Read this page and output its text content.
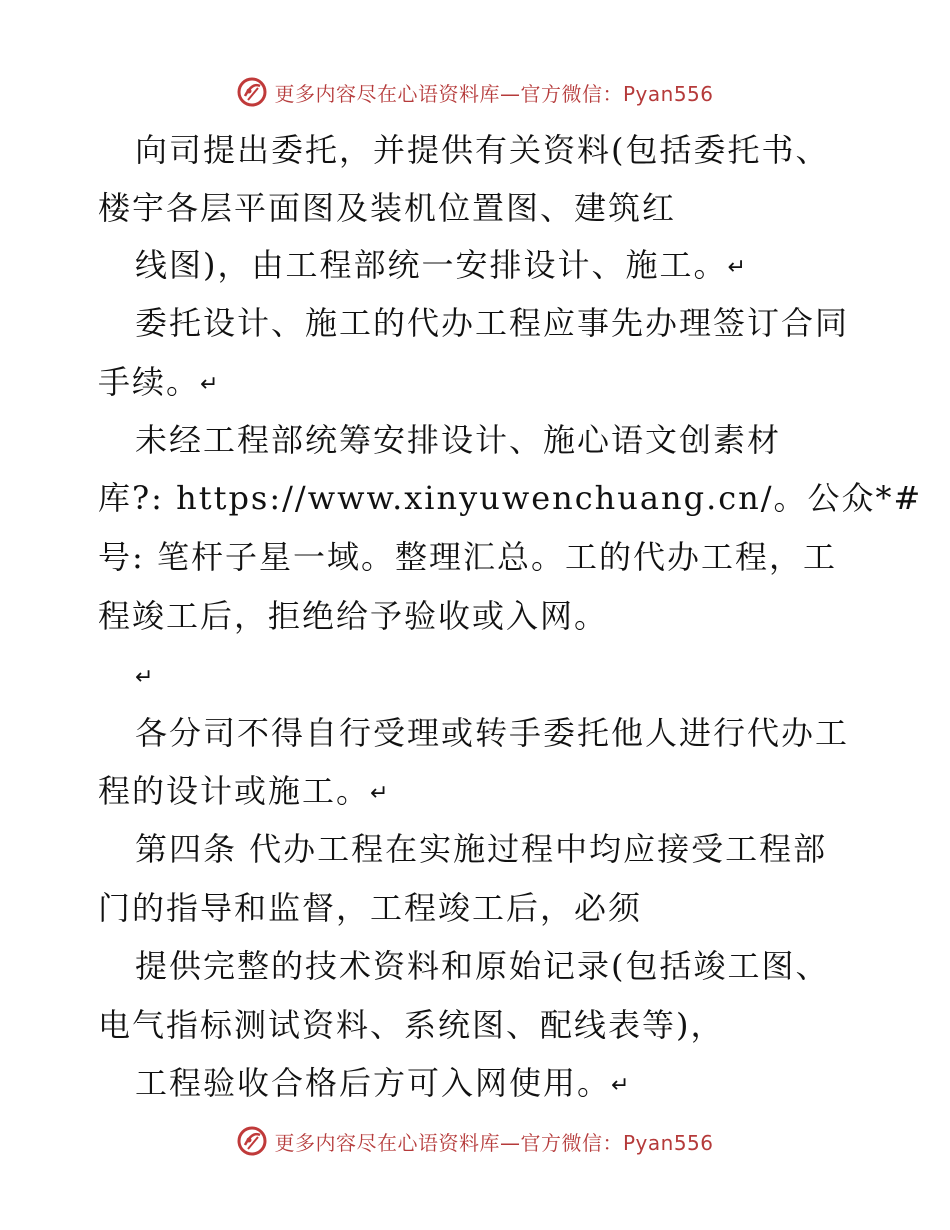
更多内容尽在心语资料库—官方微信：Pyan556
向司提出委托，并提供有关资料(包括委托书、
楼宇各层平面图及装机位置图、建筑红
线图)，由工程部统一安排设计、施工。↵
委托设计、施工的代办工程应事先办理签订合同
手续。↵
未经工程部统筹安排设计、施心语文创素材
库?: https://www.xinyuwenchuang.cn/。公众*#
号: 笔杆子星一域。整理汇总。工的代办工程，工
程竣工后，拒绝给予验收或入网。
↵
各分司不得自行受理或转手委托他人进行代办工
程的设计或施工。↵
第四条 代办工程在实施过程中均应接受工程部
门的指导和监督，工程竣工后，必须
提供完整的技术资料和原始记录(包括竣工图、
电气指标测试资料、系统图、配线表等)，
工程验收合格后方可入网使用。↵
更多内容尽在心语资料库—官方微信：Pyan556
